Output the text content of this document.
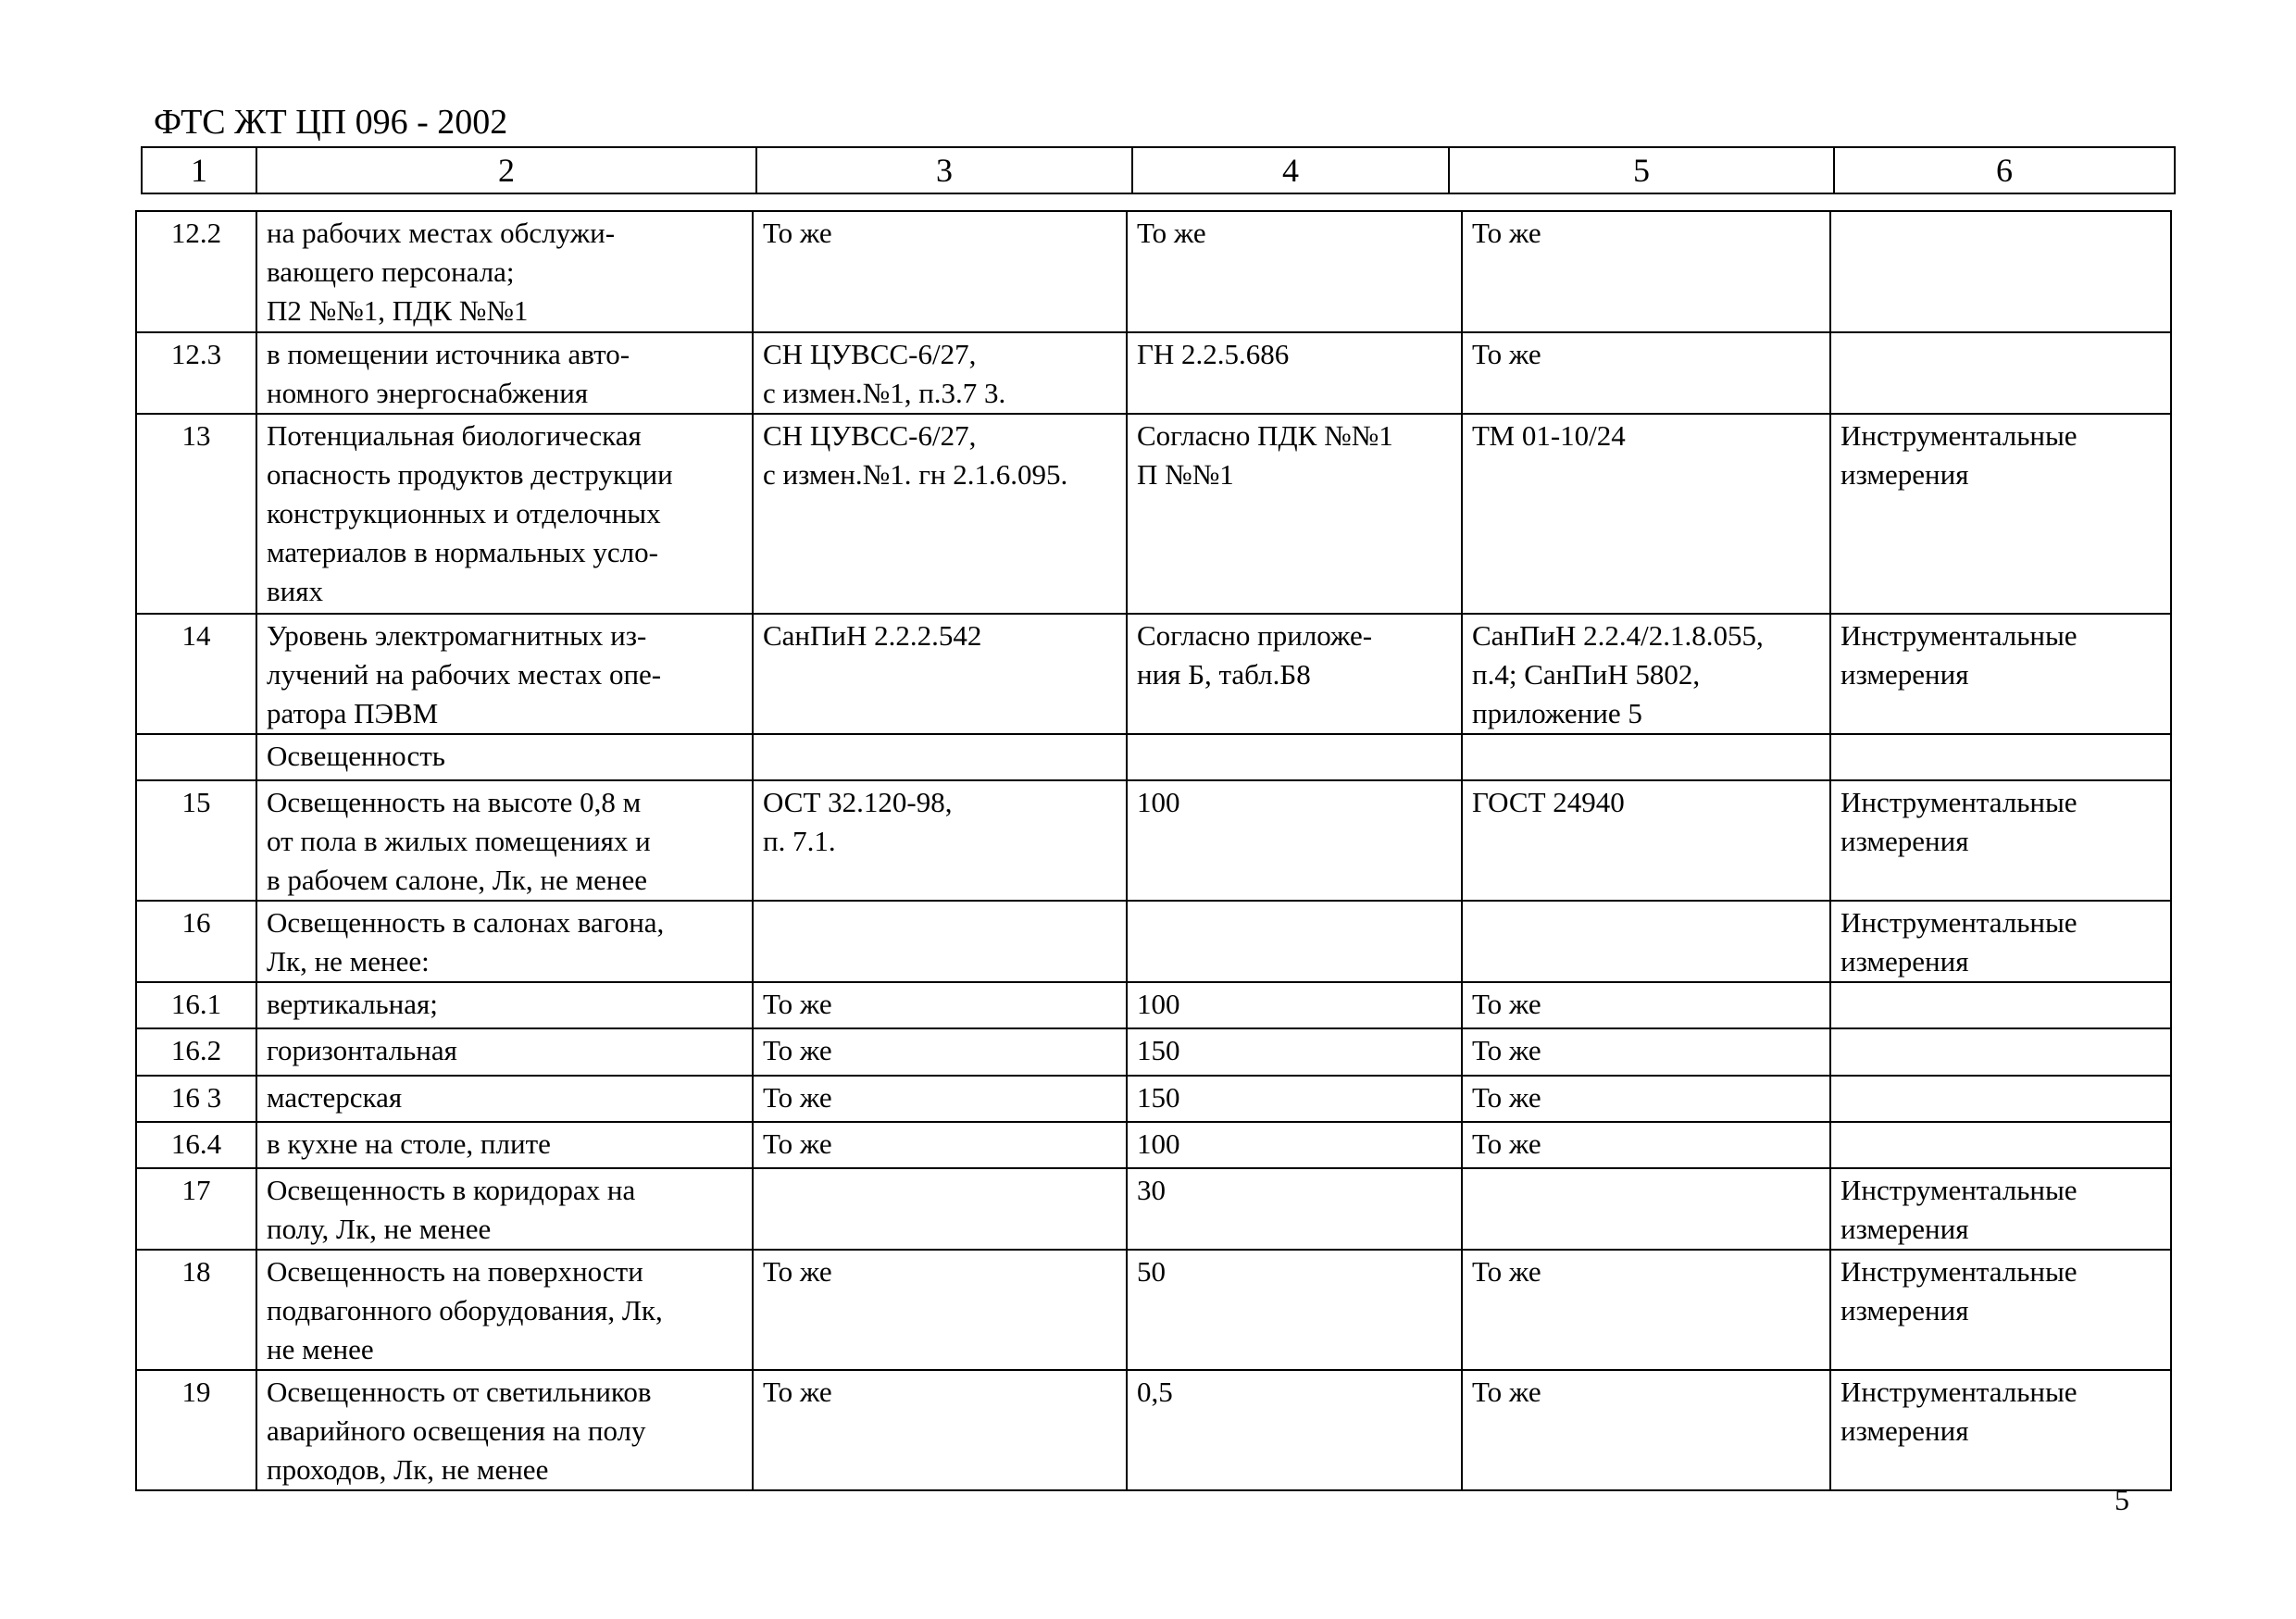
ФТС ЖТ ЦП 096 - 2002
1	2	3	4	5	6
12.2	на рабочих местах обслужи-
вающего персонала;
П2 №№1, ПДК №№1	То же	То же	То же	

12.3	в помещении источника авто-
номного энергоснабжения	СН ЦУВСС-6/27,
с измен.№1, п.3.7 3.	ГН 2.2.5.686	То же	

13	Потенциальная биологическая
опасность продуктов деструкции
конструкционных и отделочных
материалов в нормальных усло-
виях	СН ЦУВСС-6/27,
с измен.№1. гн 2.1.6.095.	Согласно ПДК №№1
П №№1	ТМ 01-10/24	Инструментальные
измерения

14	Уровень электромагнитных из-
лучений на рабочих местах опе-
ратора ПЭВМ	СанПиН 2.2.2.542	Согласно приложе-
ния Б, табл.Б8	СанПиН 2.2.4/2.1.8.055,
п.4; СанПиН 5802,
приложение 5	Инструментальные
измерения

	Освещенность				

15	Освещенность на высоте 0,8 м
от пола в жилых помещениях и
в рабочем салоне, Лк, не менее	ОСТ 32.120-98,
п. 7.1.	100	ГОСТ 24940	Инструментальные
измерения

16	Освещенность в салонах вагона,
Лк, не менее:				Инструментальные
измерения

16.1	вертикальная;	То же	100	То же	

16.2	горизонтальная	То же	150	То же	

16 3	мастерская	То же	150	То же	

16.4	в кухне на столе, плите	То же	100	То же	

17	Освещенность в коридорах на
полу, Лк, не менее		30		Инструментальные
измерения

18	Освещенность на поверхности
подвагонного оборудования, Лк,
не менее	То же	50	То же	Инструментальные
измерения

19	Освещенность от светильников
аварийного освещения на полу
проходов, Лк, не менее	То же	0,5	То же	Инструментальные
измерения
5
